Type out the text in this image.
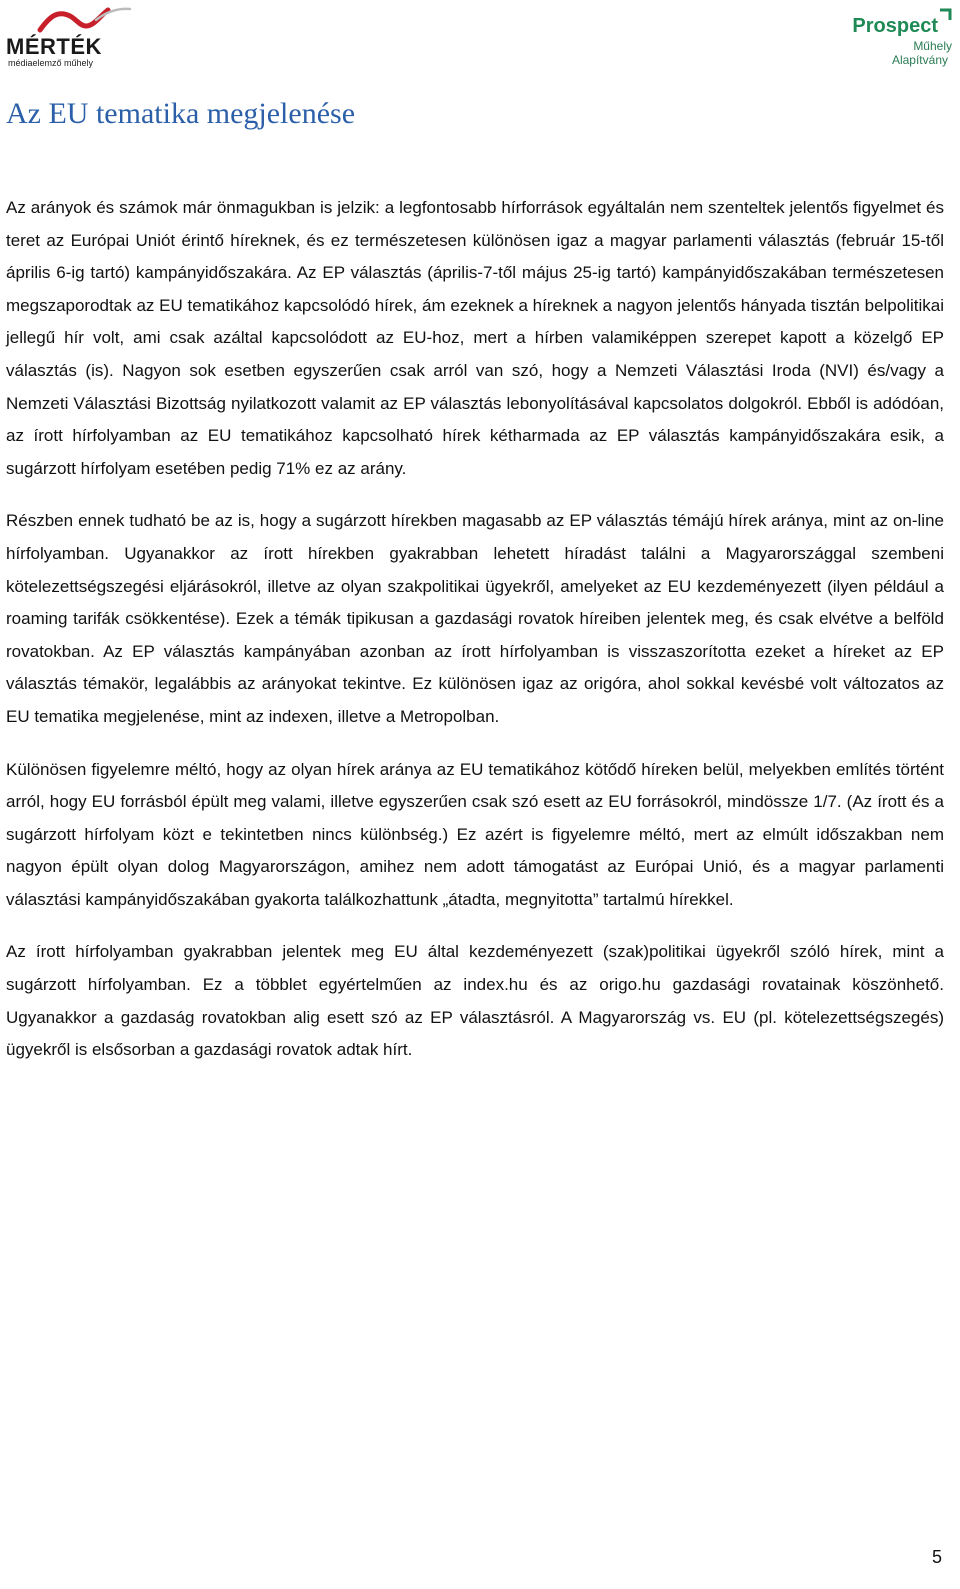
MÉRTÉK
médiaelemző műhely
Prospect
Műhely
Alapítvány
Az EU tematika megjelenése

Az arányok és számok már önmagukban is jelzik: a legfontosabb hírforrások egyáltalán nem szenteltek jelentős figyelmet és teret az Európai Uniót érintő híreknek, és ez természetesen különösen igaz a magyar parlamenti választás (február 15-től április 6-ig tartó) kampányidőszakára. Az EP választás (április-7-től május 25-ig tartó) kampányidőszakában természetesen megszaporodtak az EU tematikához kapcsolódó hírek, ám ezeknek a híreknek a nagyon jelentős hányada tisztán belpolitikai jellegű hír volt, ami csak azáltal kapcsolódott az EU-hoz, mert a hírben valamiképpen szerepet kapott a közelgő EP választás (is). Nagyon sok esetben egyszerűen csak arról van szó, hogy a Nemzeti Választási Iroda (NVI) és/vagy a Nemzeti Választási Bizottság nyilatkozott valamit az EP választás lebonyolításával kapcsolatos dolgokról. Ebből is adódóan, az írott hírfolyamban az EU tematikához kapcsolható hírek kétharmada az EP választás kampányidőszakára esik, a sugárzott hírfolyam esetében pedig 71% ez az arány.

Részben ennek tudható be az is, hogy a sugárzott hírekben magasabb az EP választás témájú hírek aránya, mint az on-line hírfolyamban. Ugyanakkor az írott hírekben gyakrabban lehetett híradást találni a Magyarországgal szembeni kötelezettségszegési eljárásokról, illetve az olyan szakpolitikai ügyekről, amelyeket az EU kezdeményezett (ilyen például a roaming tarifák csökkentése). Ezek a témák tipikusan a gazdasági rovatok híreiben jelentek meg, és csak elvétve a belföld rovatokban. Az EP választás kampányában azonban az írott hírfolyamban is visszaszorította ezeket a híreket az EP választás témakör, legalábbis az arányokat tekintve. Ez különösen igaz az origóra, ahol sokkal kevésbé volt változatos az EU tematika megjelenése, mint az indexen, illetve a Metropolban.

Különösen figyelemre méltó, hogy az olyan hírek aránya az EU tematikához kötődő híreken belül, melyekben említés történt arról, hogy EU forrásból épült meg valami, illetve egyszerűen csak szó esett az EU forrásokról, mindössze 1/7. (Az írott és a sugárzott hírfolyam közt e tekintetben nincs különbség.) Ez azért is figyelemre méltó, mert az elmúlt időszakban nem nagyon épült olyan dolog Magyarországon, amihez nem adott támogatást az Európai Unió, és a magyar parlamenti választási kampányidőszakában gyakorta találkozhattunk „átadta, megnyitotta” tartalmú hírekkel.

Az írott hírfolyamban gyakrabban jelentek meg EU által kezdeményezett (szak)politikai ügyekről szóló hírek, mint a sugárzott hírfolyamban. Ez a többlet egyértelműen az index.hu és az origo.hu gazdasági rovatainak köszönhető. Ugyanakkor a gazdaság rovatokban alig esett szó az EP választásról. A Magyarország vs. EU (pl. kötelezettségszegés) ügyekről is elsősorban a gazdasági rovatok adtak hírt.

5
